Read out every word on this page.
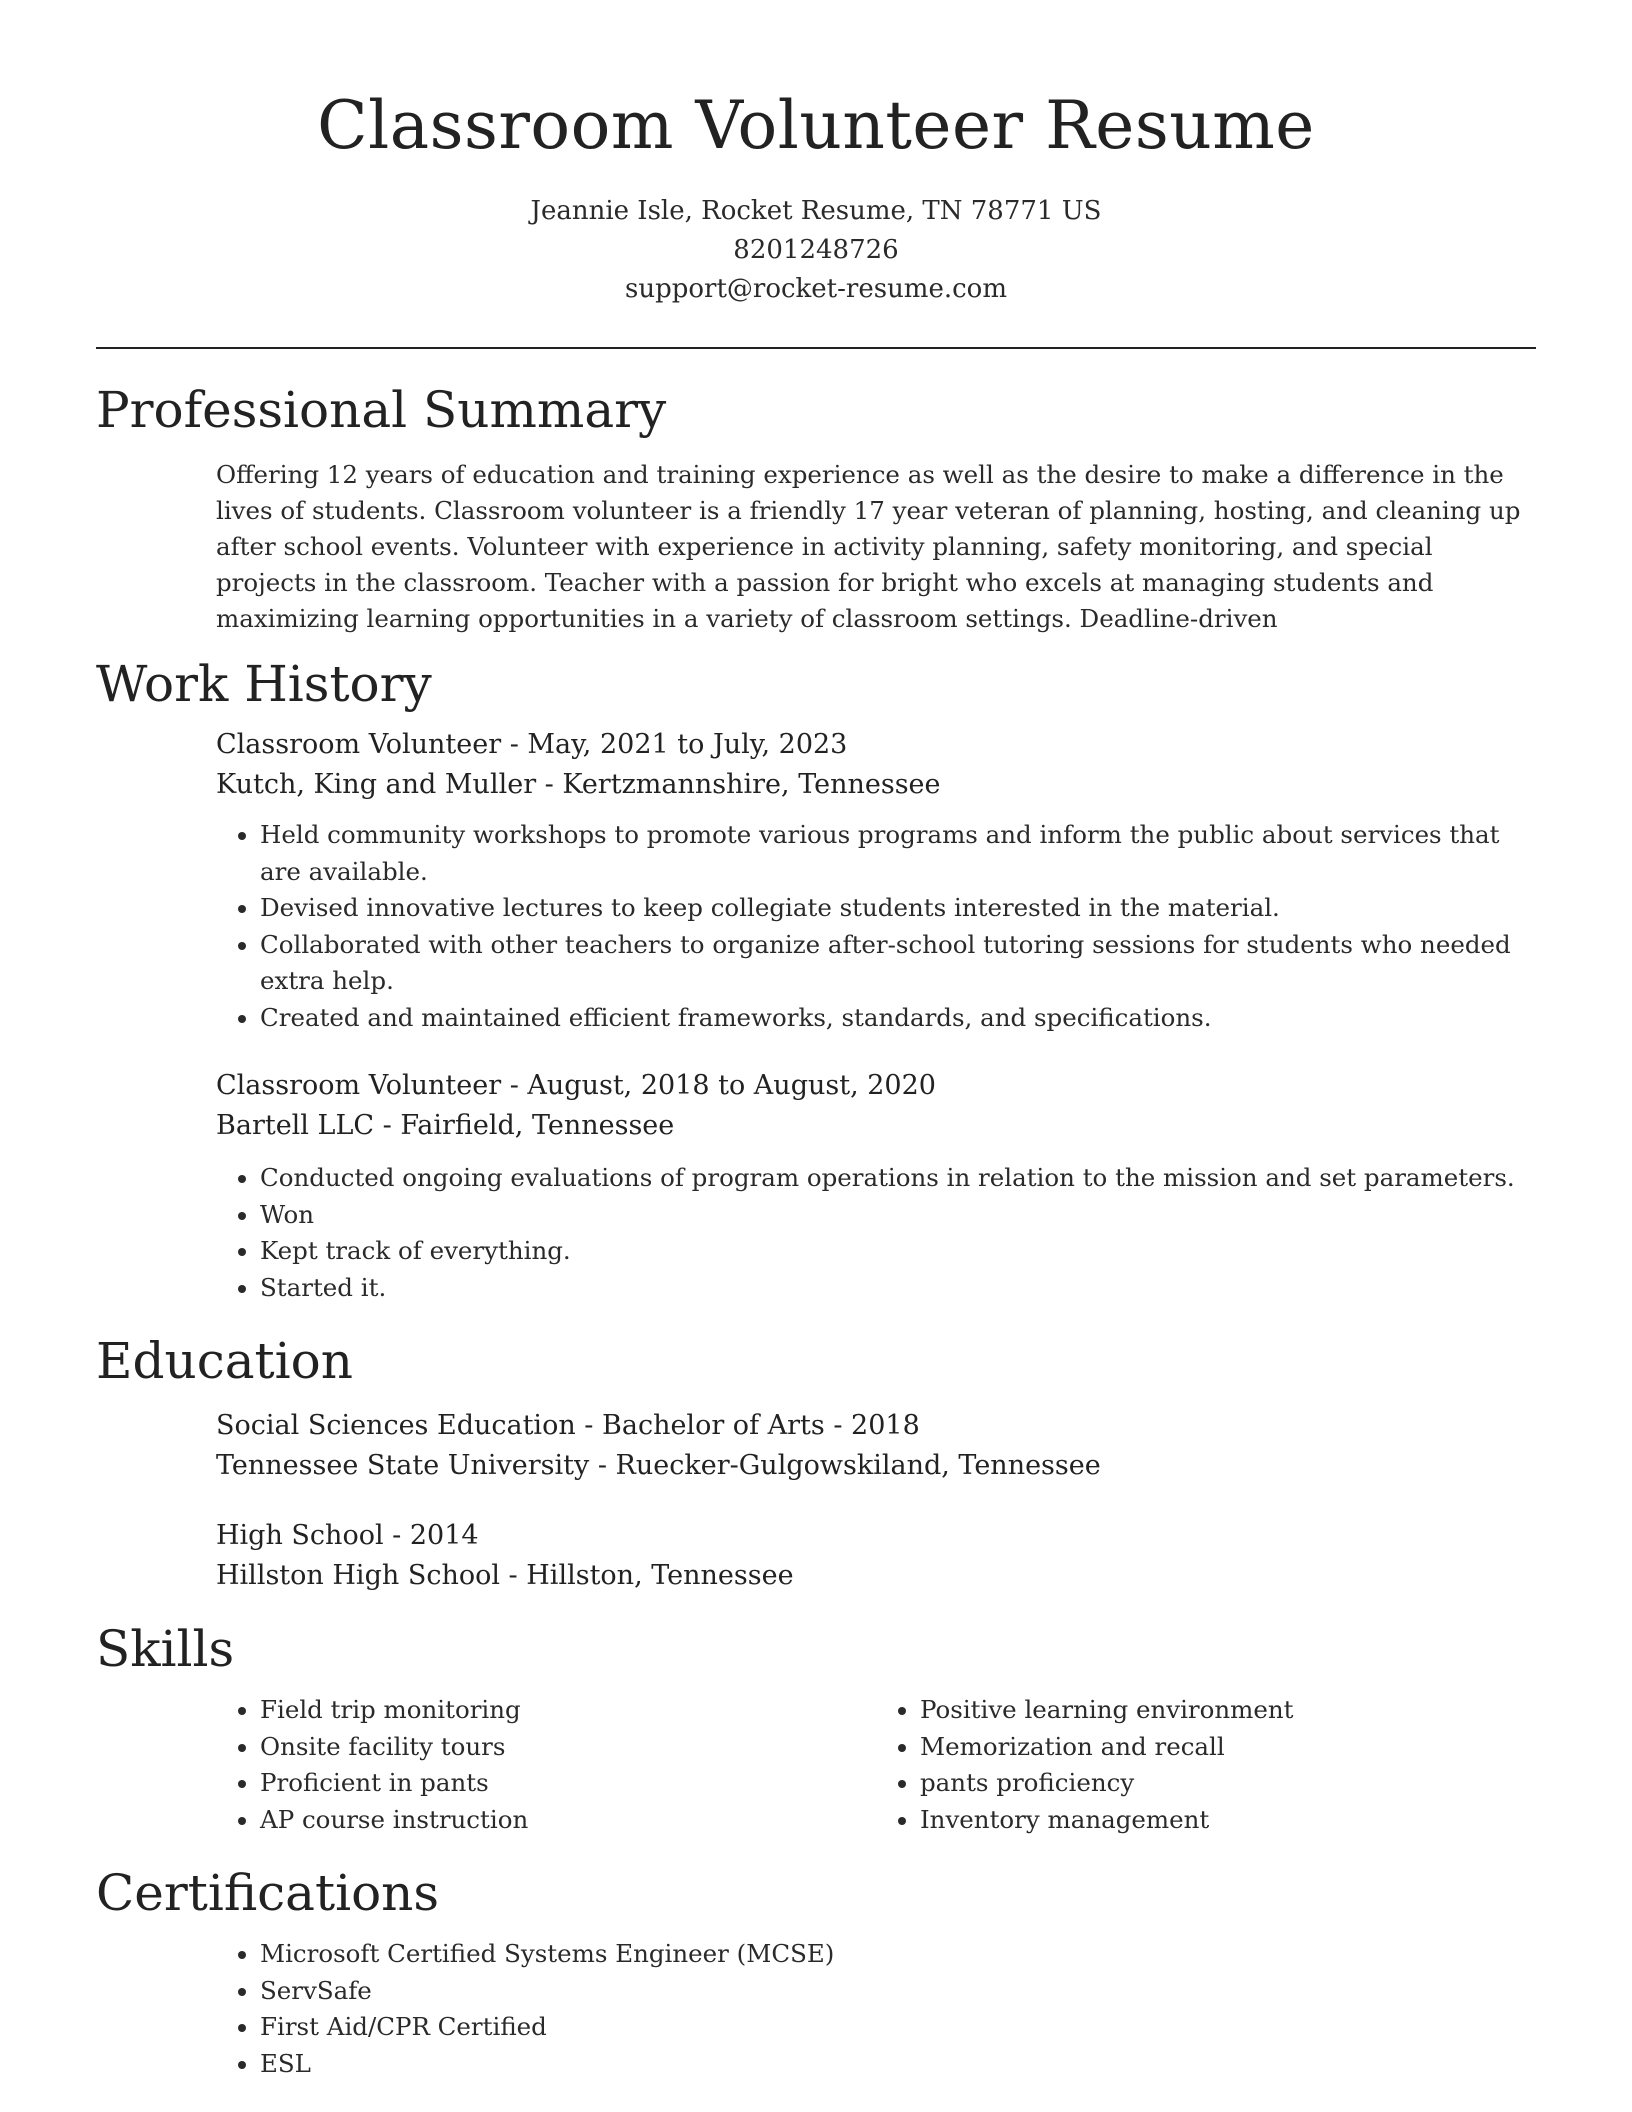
Classroom Volunteer Resume
Jeannie Isle, Rocket Resume, TN 78771 US
8201248726
support@rocket-resume.com
Professional Summary
Offering 12 years of education and training experience as well as the desire to make a difference in the lives of students. Classroom volunteer is a friendly 17 year veteran of planning, hosting, and cleaning up after school events. Volunteer with experience in activity planning, safety monitoring, and special projects in the classroom. Teacher with a passion for bright who excels at managing students and maximizing learning opportunities in a variety of classroom settings. Deadline-driven
Work History
Classroom Volunteer - May, 2021 to July, 2023
Kutch, King and Muller - Kertzmannshire, Tennessee
• Held community workshops to promote various programs and inform the public about services that are available.
• Devised innovative lectures to keep collegiate students interested in the material.
• Collaborated with other teachers to organize after-school tutoring sessions for students who needed extra help.
• Created and maintained efficient frameworks, standards, and specifications.
Classroom Volunteer - August, 2018 to August, 2020
Bartell LLC - Fairfield, Tennessee
• Conducted ongoing evaluations of program operations in relation to the mission and set parameters.
• Won
• Kept track of everything.
• Started it.
Education
Social Sciences Education - Bachelor of Arts - 2018
Tennessee State University - Ruecker-Gulgowskiland, Tennessee
High School - 2014
Hillston High School - Hillston, Tennessee
Skills
• Field trip monitoring
• Onsite facility tours
• Proficient in pants
• AP course instruction
• Positive learning environment
• Memorization and recall
• pants proficiency
• Inventory management
Certifications
• Microsoft Certified Systems Engineer (MCSE)
• ServSafe
• First Aid/CPR Certified
• ESL
